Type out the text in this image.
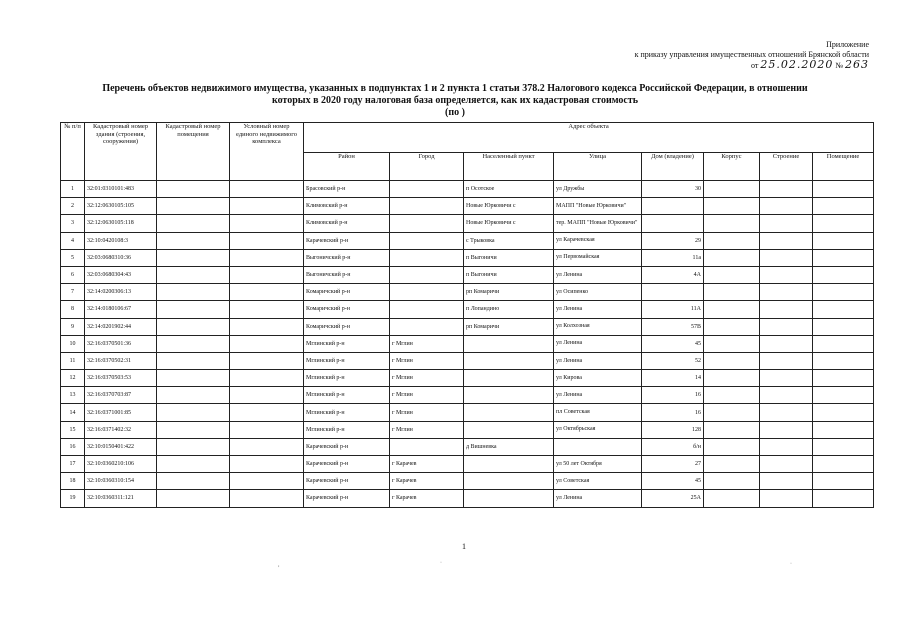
Приложение
к приказу управления имущественных отношений Брянской области
от 25.02.2020 № 263
Перечень объектов недвижимого имущества, указанных в подпунктах 1 и 2 пункта 1 статьи 378.2 Налогового кодекса Российской Федерации, в отношении
которых в 2020 году налоговая база определяется, как их кадастровая стоимость
(по )
№ п/п	Кадастровый номер здания (строения, сооружения)	Кадастровый номер помещения	Условный номер единого недвижимого комплекса	Адрес объекта							
				Район	Город	Населенный пункт	Улица	Дом (владение)	Корпус	Строение	Помещение
1	32:01:0310101:483			Брасовский р-н		п Осотское	ул Дружбы	30			
2	32:12:0630105:105			Климовский р-н		Новые Юрковичи с	МАПП "Новые Юрковичи"				
3	32:12:0630105:118			Климовский р-н		Новые Юрковичи с	тер. МАПП "Новые Юрковичи"				
4	32:10:0420108:3			Карачевский р-н		с Трыковка	ул Карачевская	29			
5	32:03:0680310:36			Выгоничский р-н		п Выгоничи	ул Первомайская	11а			
6	32:03:0680304:43			Выгоничский р-н		п Выгоничи	ул Ленина	4А			
7	32:14:0200306:13			Комаричский р-н		рп Комаричи	ул Осипенко				
8	32:14:0180106:67			Комаричский р-н		п Лопандино	ул Ленина	11А			
9	32:14:0201902:44			Комаричский р-н		рп Комаричи	ул Колхозная	57В			
10	32:16:0370501:36			Мглинский р-н	г Мглин		ул Ленина	45			
11	32:16:0370502:31			Мглинский р-н	г Мглин		ул Ленина	52			
12	32:16:0370503:53			Мглинский р-н	г Мглин		ул Кирова	14			
13	32:16:0370703:87			Мглинский р-н	г Мглин		ул Ленина	16			
14	32:16:0371001:85			Мглинский р-н	г Мглин		пл Советская	16			
15	32:16:0371402:32			Мглинский р-н	г Мглин		ул Октябрьская	128			
16	32:10:0150401:422			Карачевский р-н		д Вишневка		б/н			
17	32:10:0360210:106			Карачевский р-н	г Карачев		ул 50 лет Октября	27			
18	32:10:0360310:154			Карачевский р-н	г Карачев		ул Советская	45			
19	32:10:0360311:121			Карачевский р-н	г Карачев		ул Ленина	25А			
1
,	·	·
